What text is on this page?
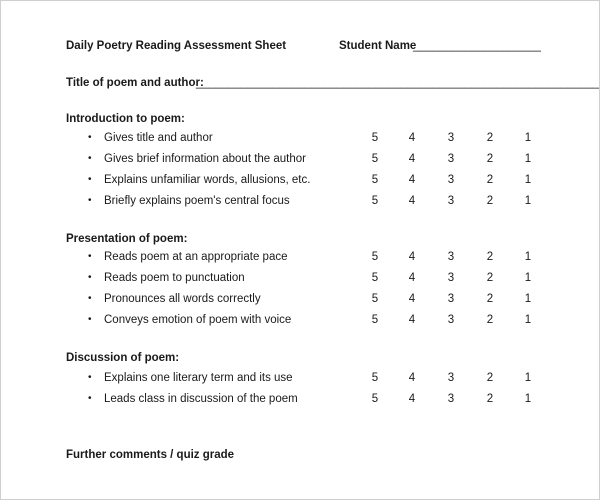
Daily Poetry Reading Assessment Sheet	Student Name
____________________
Title of poem and author:
_______________________________________________________________
Introduction to poem:
• Gives title and author	5	4	3	2	1
• Gives brief information about the author	5	4	3	2	1
• Explains unfamiliar words, allusions, etc.	5	4	3	2	1
• Briefly explains poem's central focus	5	4	3	2	1
Presentation of poem:
• Reads poem at an appropriate pace	5	4	3	2	1
• Reads poem to punctuation	5	4	3	2	1
• Pronounces all words correctly	5	4	3	2	1
• Conveys emotion of poem with voice	5	4	3	2	1
Discussion of poem:
• Explains one literary term and its use	5	4	3	2	1
• Leads class in discussion of the poem	5	4	3	2	1
Further comments / quiz grade
